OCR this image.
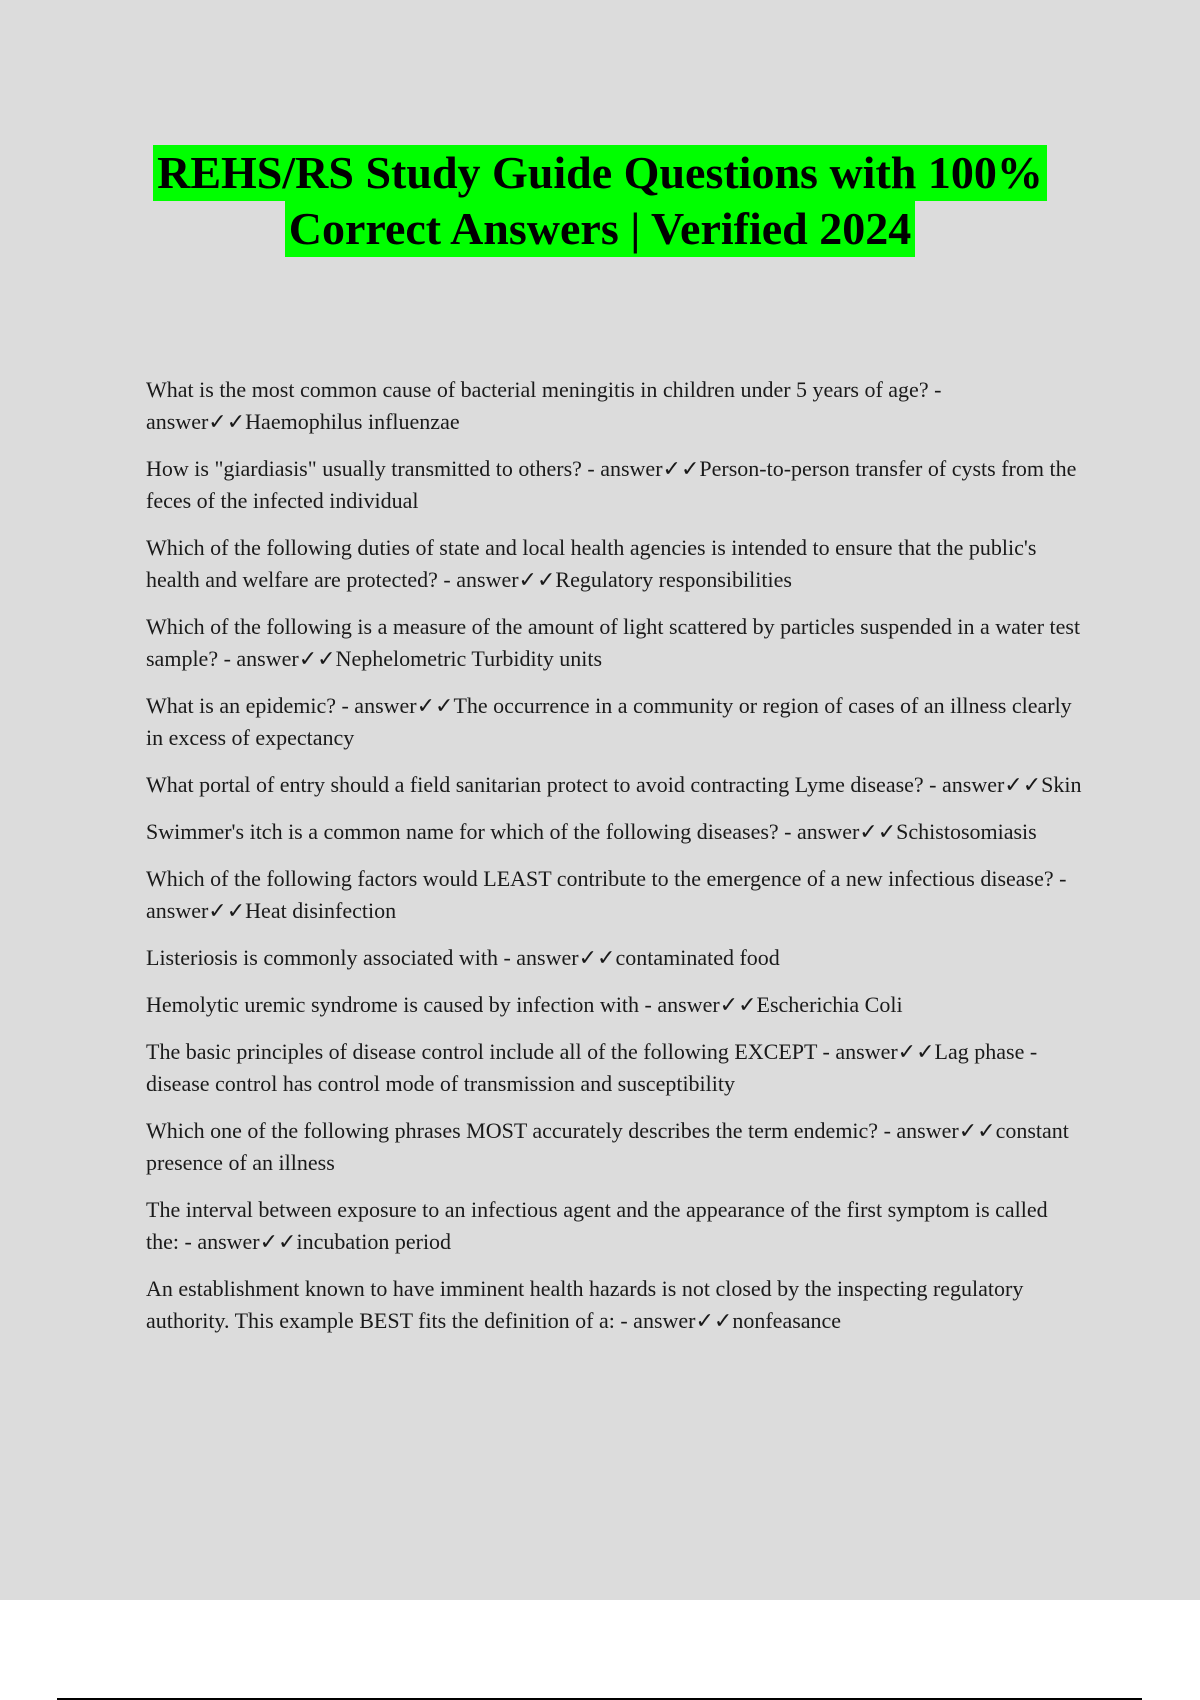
REHS/RS Study Guide Questions with 100%
Correct Answers | Verified 2024
What is the most common cause of bacterial meningitis in children under 5 years of age? - answer✓✓Haemophilus influenzae
How is "giardiasis" usually transmitted to others? - answer✓✓Person-to-person transfer of cysts from the feces of the infected individual
Which of the following duties of state and local health agencies is intended to ensure that the public's health and welfare are protected? - answer✓✓Regulatory responsibilities
Which of the following is a measure of the amount of light scattered by particles suspended in a water test sample? - answer✓✓Nephelometric Turbidity units
What is an epidemic? - answer✓✓The occurrence in a community or region of cases of an illness clearly in excess of expectancy
What portal of entry should a field sanitarian protect to avoid contracting Lyme disease? - answer✓✓Skin
Swimmer's itch is a common name for which of the following diseases? - answer✓✓Schistosomiasis
Which of the following factors would LEAST contribute to the emergence of a new infectious disease? - answer✓✓Heat disinfection
Listeriosis is commonly associated with - answer✓✓contaminated food
Hemolytic uremic syndrome is caused by infection with - answer✓✓Escherichia Coli
The basic principles of disease control include all of the following EXCEPT - answer✓✓Lag phase - disease control has control mode of transmission and susceptibility
Which one of the following phrases MOST accurately describes the term endemic? - answer✓✓constant presence of an illness
The interval between exposure to an infectious agent and the appearance of the first symptom is called the: - answer✓✓incubation period
An establishment known to have imminent health hazards is not closed by the inspecting regulatory authority. This example BEST fits the definition of a: - answer✓✓nonfeasance
